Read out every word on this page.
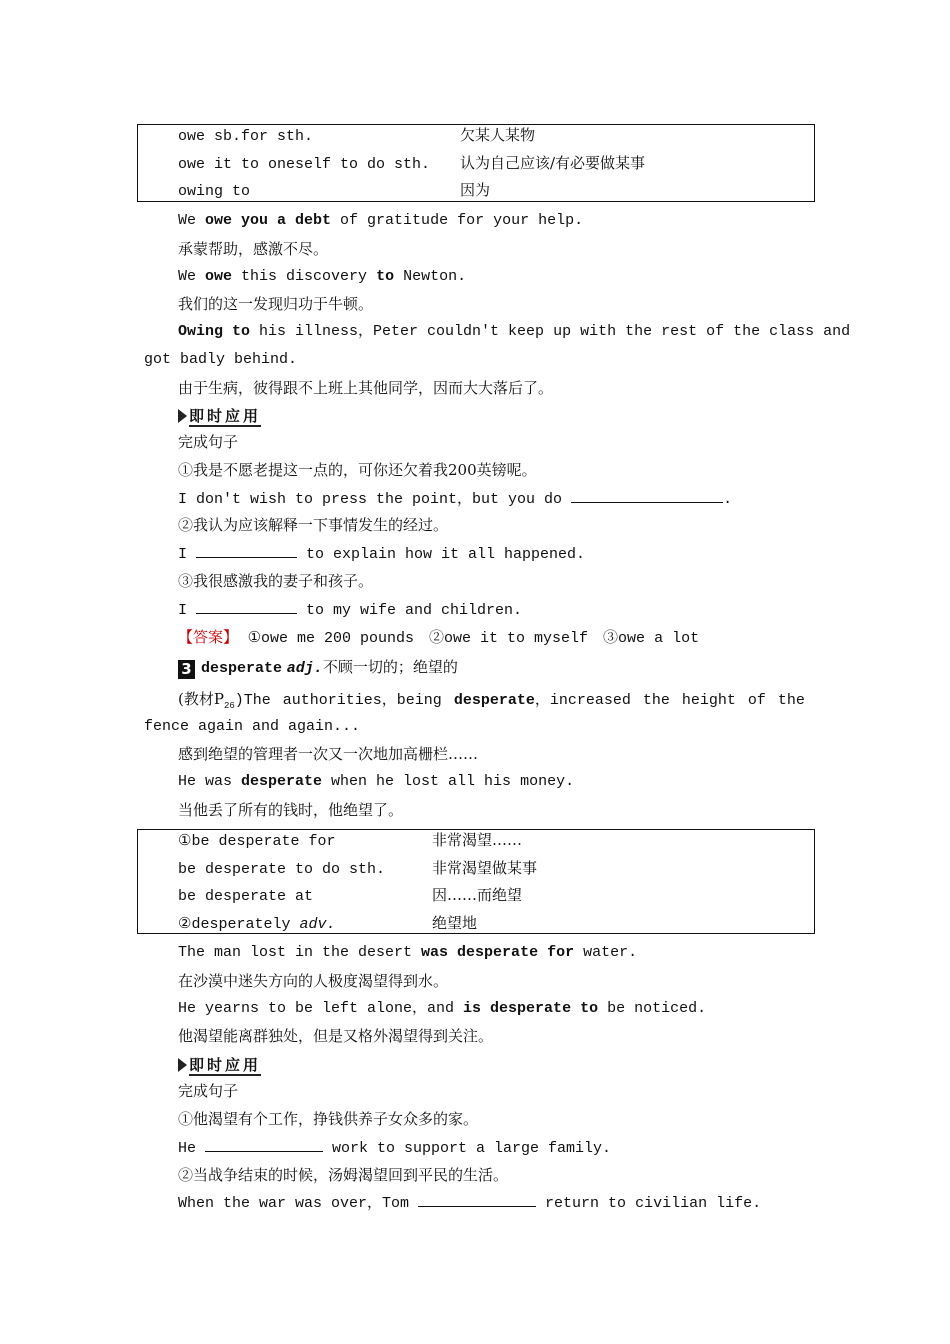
owe sb.for sth.	欠某人某物
owe it to oneself to do sth. 认为自己应该/有必要做某事
owing to	因为
We owe you a debt of gratitude for your help.
承蒙帮助，感激不尽。
We owe this discovery to Newton.
我们的这一发现归功于牛顿。
Owing to his illness，Peter couldn't keep up with the rest of the class and
got badly behind.
由于生病，彼得跟不上班上其他同学，因而大大落后了。
即时应用
完成句子
①我是不愿老提这一点的，可你还欠着我200英镑呢。
I don't wish to press the point，but you do	.
②我认为应该解释一下事情发生的经过。
I	to explain how it all happened.
③我很感激我的妻子和孩子。
I	to my wife and children.
【答案】 ①owe me 200 pounds　②owe it to myself　③owe a lot
3 desperate adj.不顾一切的；绝望的
(教材$P_{26})The$ authorities，being desperate，increased the height of the
fence again and again...
感到绝望的管理者一次又一次地加高栅栏……
He was desperate when he lost all his money.
当他丢了所有的钱时，他绝望了。
①be desperate for	非常渴望……
be desperate to do sth.	非常渴望做某事
be desperate at	因……而绝望
②desperately adv.	绝望地
The man lost in the desert was desperate for water.
在沙漠中迷失方向的人极度渴望得到水。
He yearns to be left alone，and is desperate to be noticed.
他渴望能离群独处，但是又格外渴望得到关注。
即时应用
完成句子
①他渴望有个工作，挣钱供养子女众多的家。
He	work to support a large family.
②当战争结束的时候，汤姆渴望回到平民的生活。
When the war was over，Tom	return to civilian life.
